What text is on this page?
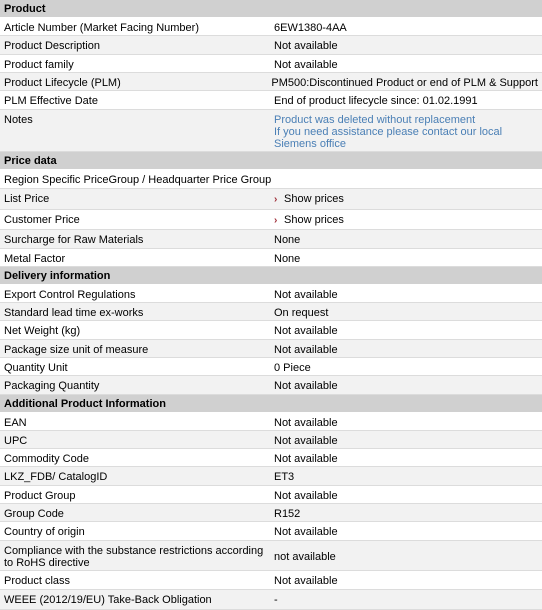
Product
Article Number (Market Facing Number)	6EW1380-4AA
Product Description	Not available
Product family	Not available
Product Lifecycle (PLM)	PM500:Discontinued Product or end of PLM & Support
PLM Effective Date	End of product lifecycle since: 01.02.1991
Notes	Product was deleted without replacement
If you need assistance please contact our local
Siemens office
Price data
Region Specific PriceGroup / Headquarter Price Group
List Price	› Show prices
Customer Price	› Show prices
Surcharge for Raw Materials	None
Metal Factor	None
Delivery information
Export Control Regulations	Not available
Standard lead time ex-works	On request
Net Weight (kg)	Not available
Package size unit of measure	Not available
Quantity Unit	0 Piece
Packaging Quantity	Not available
Additional Product Information
EAN	Not available
UPC	Not available
Commodity Code	Not available
LKZ_FDB/ CatalogID	ET3
Product Group	Not available
Group Code	R152
Country of origin	Not available
Compliance with the substance restrictions according
to RoHS directive	not available
Product class	Not available
WEEE (2012/19/EU) Take-Back Obligation	-
